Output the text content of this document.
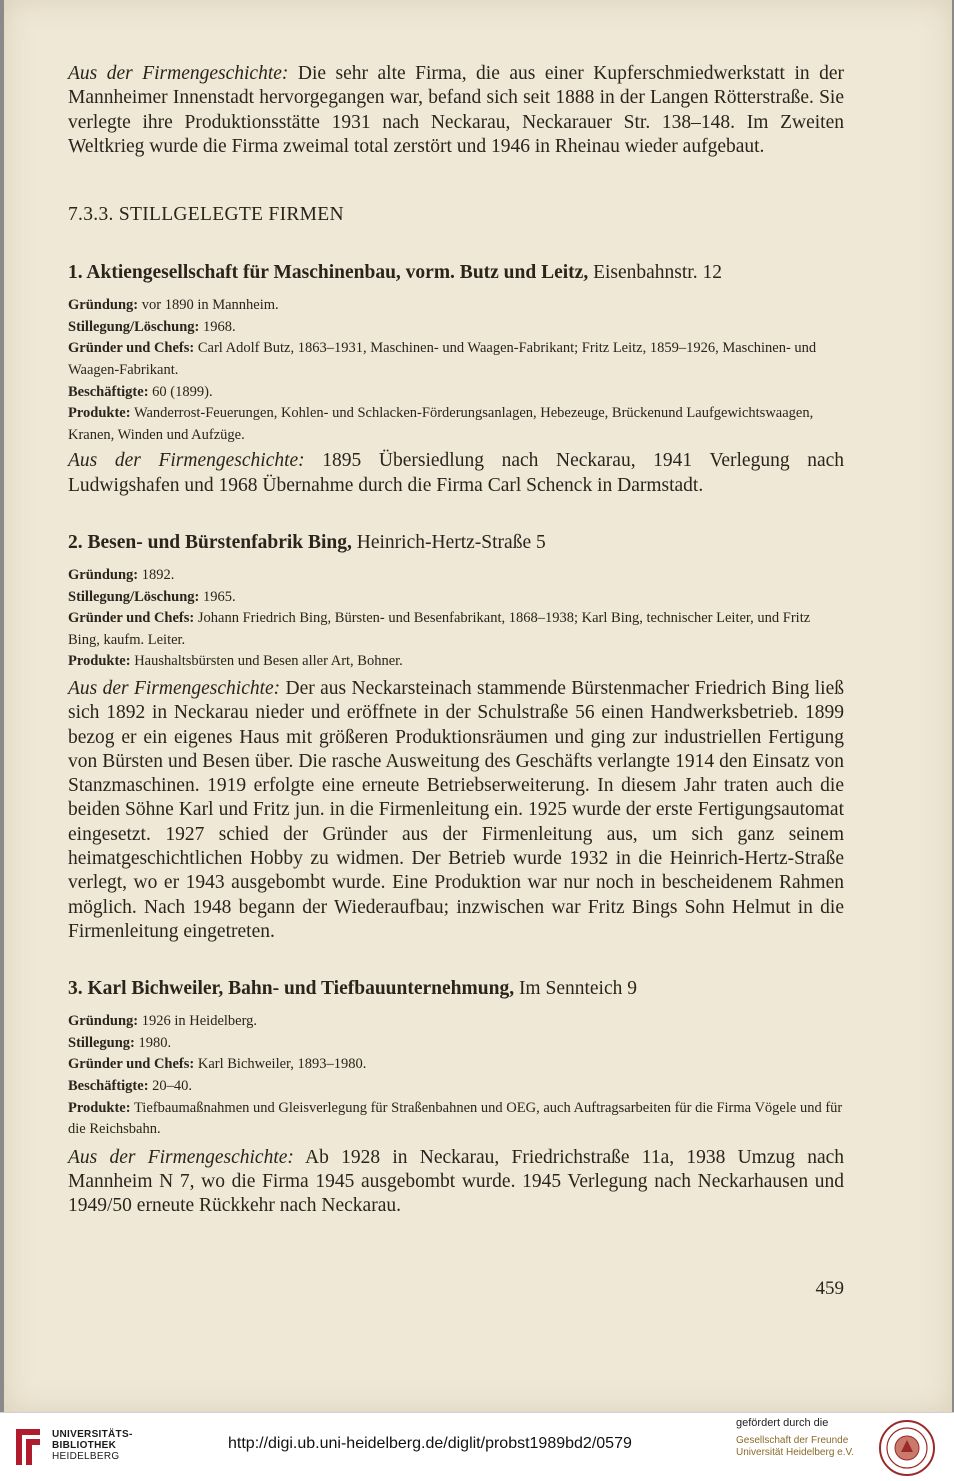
Aus der Firmengeschichte: Die sehr alte Firma, die aus einer Kupferschmiedwerkstatt in der Mannheimer Innenstadt hervorgegangen war, befand sich seit 1888 in der Langen Rötterstraße. Sie verlegte ihre Produktionsstätte 1931 nach Neckarau, Neckarauer Str. 138–148. Im Zweiten Weltkrieg wurde die Firma zweimal total zerstört und 1946 in Rheinau wieder aufgebaut.

7.3.3. STILLGELEGTE FIRMEN

1. Aktiengesellschaft für Maschinenbau, vorm. Butz und Leitz, Eisenbahnstr. 12

Gründung: vor 1890 in Mannheim.

Stillegung/Löschung: 1968.

Gründer und Chefs: Carl Adolf Butz, 1863–1931, Maschinen- und Waagen-Fabrikant; Fritz Leitz, 1859–1926, Maschinen- und Waagen-Fabrikant.

Beschäftigte: 60 (1899).

Produkte: Wanderrost-Feuerungen, Kohlen- und Schlacken-Förderungsanlagen, Hebezeuge, Brückenund Laufgewichtswaagen, Kranen, Winden und Aufzüge.

Aus der Firmengeschichte: 1895 Übersiedlung nach Neckarau, 1941 Verlegung nach Ludwigshafen und 1968 Übernahme durch die Firma Carl Schenck in Darmstadt.

2. Besen- und Bürstenfabrik Bing, Heinrich-Hertz-Straße 5

Gründung: 1892.

Stillegung/Löschung: 1965.

Gründer und Chefs: Johann Friedrich Bing, Bürsten- und Besenfabrikant, 1868–1938; Karl Bing, technischer Leiter, und Fritz Bing, kaufm. Leiter.

Produkte: Haushaltsbürsten und Besen aller Art, Bohner.

Aus der Firmengeschichte: Der aus Neckarsteinach stammende Bürstenmacher Friedrich Bing ließ sich 1892 in Neckarau nieder und eröffnete in der Schulstraße 56 einen Handwerksbetrieb. 1899 bezog er ein eigenes Haus mit größeren Produktionsräumen und ging zur industriellen Fertigung von Bürsten und Besen über. Die rasche Ausweitung des Geschäfts verlangte 1914 den Einsatz von Stanzmaschinen. 1919 erfolgte eine erneute Betriebserweiterung. In diesem Jahr traten auch die beiden Söhne Karl und Fritz jun. in die Firmenleitung ein. 1925 wurde der erste Fertigungsautomat eingesetzt. 1927 schied der Gründer aus der Firmenleitung aus, um sich ganz seinem heimatgeschichtlichen Hobby zu widmen. Der Betrieb wurde 1932 in die Heinrich-Hertz-Straße verlegt, wo er 1943 ausgebombt wurde. Eine Produktion war nur noch in bescheidenem Rahmen möglich. Nach 1948 begann der Wiederaufbau; inzwischen war Fritz Bings Sohn Helmut in die Firmenleitung eingetreten.

3. Karl Bichweiler, Bahn- und Tiefbauunternehmung, Im Sennteich 9

Gründung: 1926 in Heidelberg.

Stillegung: 1980.

Gründer und Chefs: Karl Bichweiler, 1893–1980.

Beschäftigte: 20–40.

Produkte: Tiefbaumaßnahmen und Gleisverlegung für Straßenbahnen und OEG, auch Auftragsarbeiten für die Firma Vögele und für die Reichsbahn.

Aus der Firmengeschichte: Ab 1928 in Neckarau, Friedrichstraße 11a, 1938 Umzug nach Mannheim N 7, wo die Firma 1945 ausgebombt wurde. 1945 Verlegung nach Neckarhausen und 1949/50 erneute Rückkehr nach Neckarau.

459
UNIVERSITÄTS-
BIBLIOTHEK
HEIDELBERG
http://digi.ub.uni-heidelberg.de/diglit/probst1989bd2/0579
gefördert durch die
Gesellschaft der Freunde
Universität Heidelberg e.V.
